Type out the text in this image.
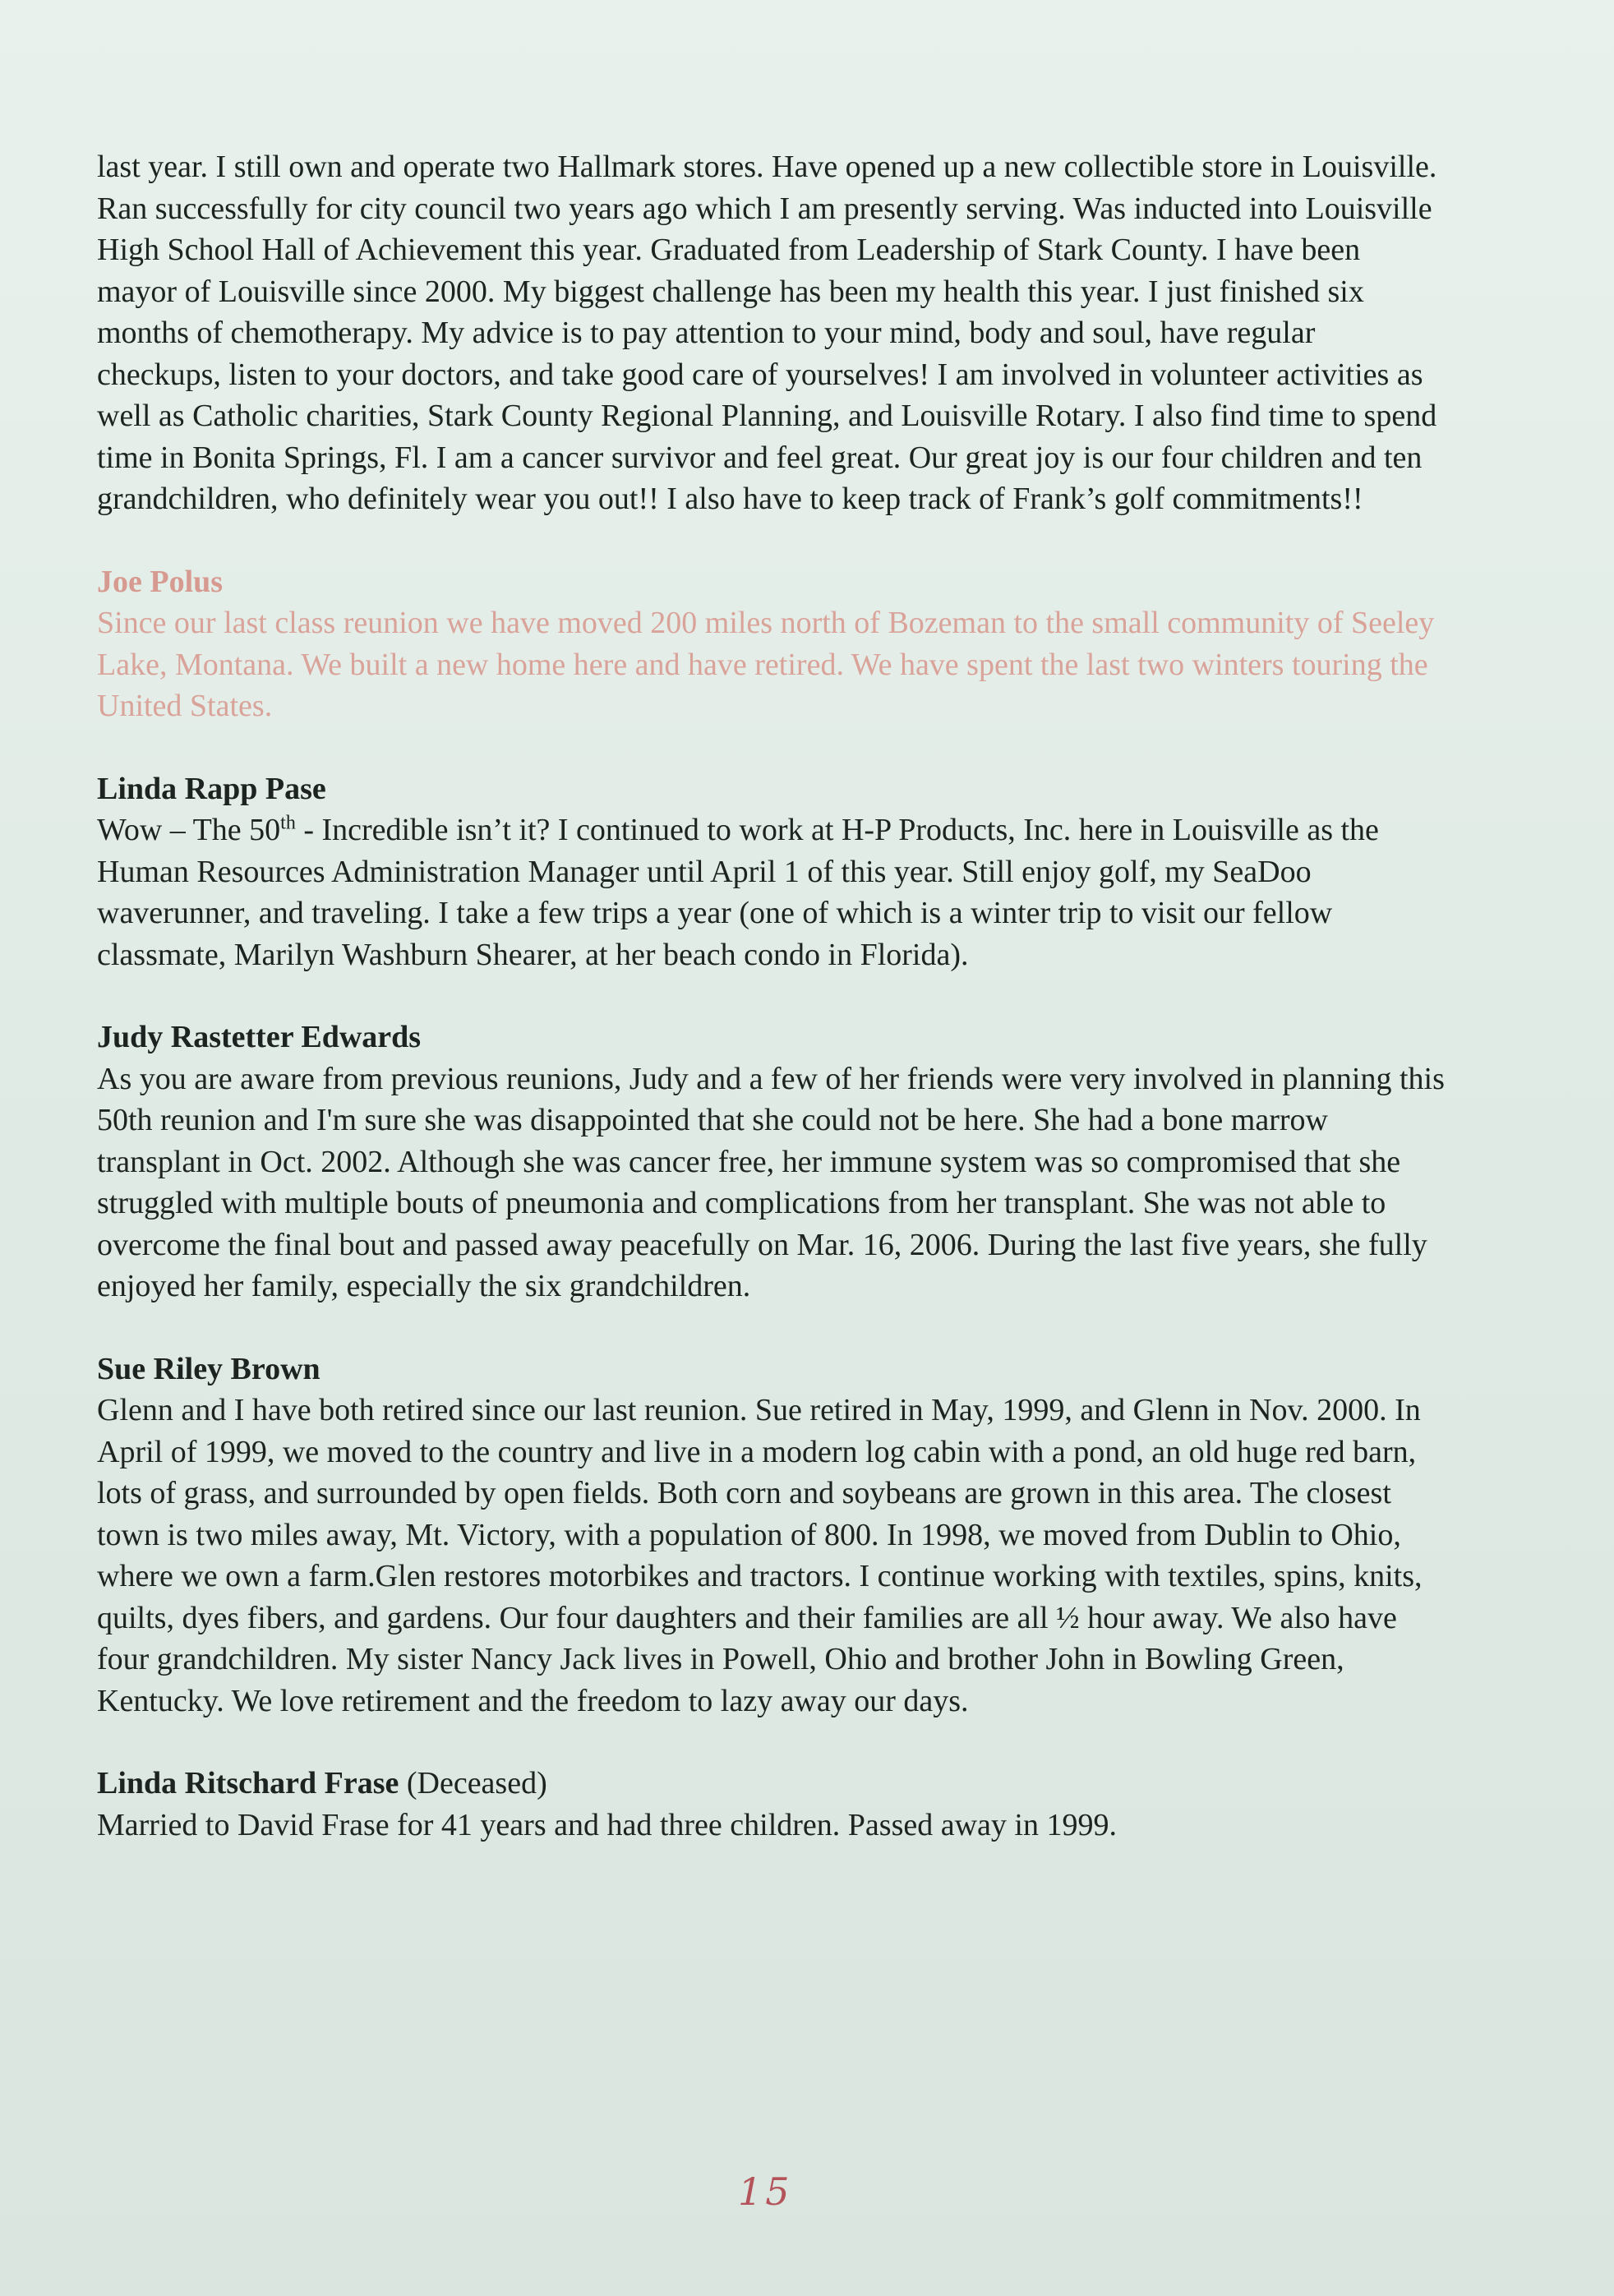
last year. I still own and operate two Hallmark stores. Have opened up a new collectible store in Louisville. Ran successfully for city council two years ago which I am presently serving. Was inducted into Louisville High School Hall of Achievement this year. Graduated from Leadership of Stark County. I have been mayor of Louisville since 2000. My biggest challenge has been my health this year. I just finished six months of chemotherapy. My advice is to pay attention to your mind, body and soul, have regular checkups, listen to your doctors, and take good care of yourselves! I am involved in volunteer activities as well as Catholic charities, Stark County Regional Planning, and Louisville Rotary. I also find time to spend time in Bonita Springs, Fl. I am a cancer survivor and feel great. Our great joy is our four children and ten grandchildren, who definitely wear you out!! I also have to keep track of Frank’s golf commitments!!

Joe Polus

Since our last class reunion we have moved 200 miles north of Bozeman to the small community of Seeley Lake, Montana. We built a new home here and have retired. We have spent the last two winters touring the United States.

Linda Rapp Pase

Wow – The 50th - Incredible isn’t it? I continued to work at H-P Products, Inc. here in Louisville as the Human Resources Administration Manager until April 1 of this year. Still enjoy golf, my SeaDoo waverunner, and traveling. I take a few trips a year (one of which is a winter trip to visit our fellow classmate, Marilyn Washburn Shearer, at her beach condo in Florida).

Judy Rastetter Edwards

As you are aware from previous reunions, Judy and a few of her friends were very involved in planning this 50th reunion and I'm sure she was disappointed that she could not be here. She had a bone marrow transplant in Oct. 2002. Although she was cancer free, her immune system was so compromised that she struggled with multiple bouts of pneumonia and complications from her transplant. She was not able to overcome the final bout and passed away peacefully on Mar. 16, 2006. During the last five years, she fully enjoyed her family, especially the six grandchildren.

Sue Riley Brown

Glenn and I have both retired since our last reunion. Sue retired in May, 1999, and Glenn in Nov. 2000. In April of 1999, we moved to the country and live in a modern log cabin with a pond, an old huge red barn, lots of grass, and surrounded by open fields. Both corn and soybeans are grown in this area. The closest town is two miles away, Mt. Victory, with a population of 800. In 1998, we moved from Dublin to Ohio, where we own a farm.Glen restores motorbikes and tractors. I continue working with textiles, spins, knits, quilts, dyes fibers, and gardens. Our four daughters and their families are all ½ hour away. We also have four grandchildren. My sister Nancy Jack lives in Powell, Ohio and brother John in Bowling Green, Kentucky. We love retirement and the freedom to lazy away our days.

Linda Ritschard Frase (Deceased)

Married to David Frase for 41 years and had three children. Passed away in 1999.

15
